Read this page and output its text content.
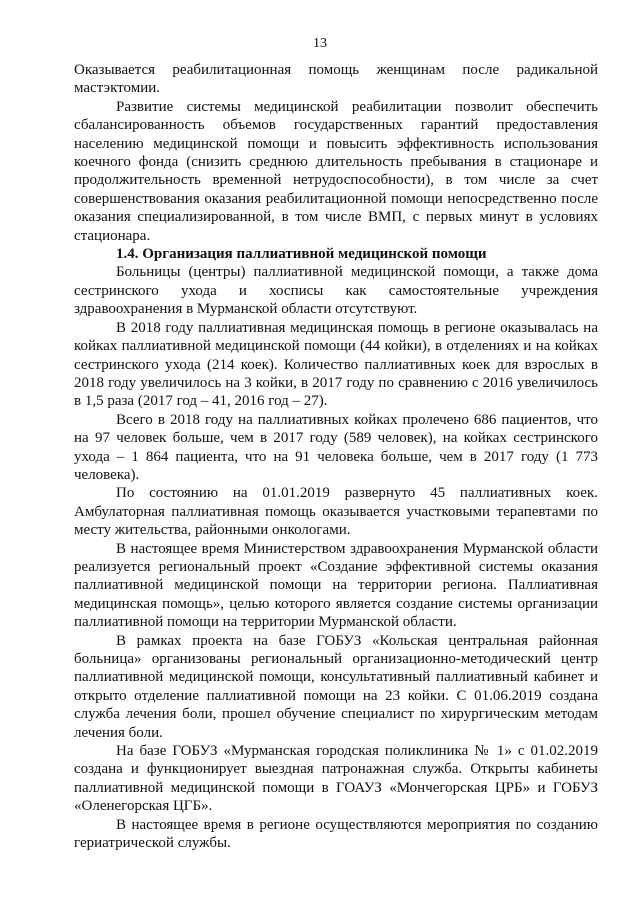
13

Оказывается реабилитационная помощь женщинам после радикальной мастэктомии.

Развитие системы медицинской реабилитации позволит обеспечить сбалансированность объемов государственных гарантий предоставления населению медицинской помощи и повысить эффективность использования коечного фонда (снизить среднюю длительность пребывания в стационаре и продолжительность временной нетрудоспособности), в том числе за счет совершенствования оказания реабилитационной помощи непосредственно после оказания специализированной, в том числе ВМП, с первых минут в условиях стационара.

1.4. Организация паллиативной медицинской помощи

Больницы (центры) паллиативной медицинской помощи, а также дома сестринского ухода и хосписы как самостоятельные учреждения здравоохранения в Мурманской области отсутствуют.

В 2018 году паллиативная медицинская помощь в регионе оказывалась на койках паллиативной медицинской помощи (44 койки), в отделениях и на койках сестринского ухода (214 коек). Количество паллиативных коек для взрослых в 2018 году увеличилось на 3 койки, в 2017 году по сравнению с 2016 увеличилось в 1,5 раза (2017 год – 41, 2016 год – 27).

Всего в 2018 году на паллиативных койках пролечено 686 пациентов, что на 97 человек больше, чем в 2017 году (589 человек), на койках сестринского ухода – 1 864 пациента, что на 91 человека больше, чем в 2017 году (1 773 человека).

По состоянию на 01.01.2019 развернуто 45 паллиативных коек. Амбулаторная паллиативная помощь оказывается участковыми терапевтами по месту жительства, районными онкологами.

В настоящее время Министерством здравоохранения Мурманской области реализуется региональный проект «Создание эффективной системы оказания паллиативной медицинской помощи на территории региона. Паллиативная медицинская помощь», целью которого является создание системы организации паллиативной помощи на территории Мурманской области.

В рамках проекта на базе ГОБУЗ «Кольская центральная районная больница» организованы региональный организационно-методический центр паллиативной медицинской помощи, консультативный паллиативный кабинет и открыто отделение паллиативной помощи на 23 койки. С 01.06.2019 создана служба лечения боли, прошел обучение специалист по хирургическим методам лечения боли.

На базе ГОБУЗ «Мурманская городская поликлиника № 1» с 01.02.2019 создана и функционирует выездная патронажная служба. Открыты кабинеты паллиативной медицинской помощи в ГОАУЗ «Мончегорская ЦРБ» и ГОБУЗ «Оленегорская ЦГБ».

В настоящее время в регионе осуществляются мероприятия по созданию гериатрической службы.
